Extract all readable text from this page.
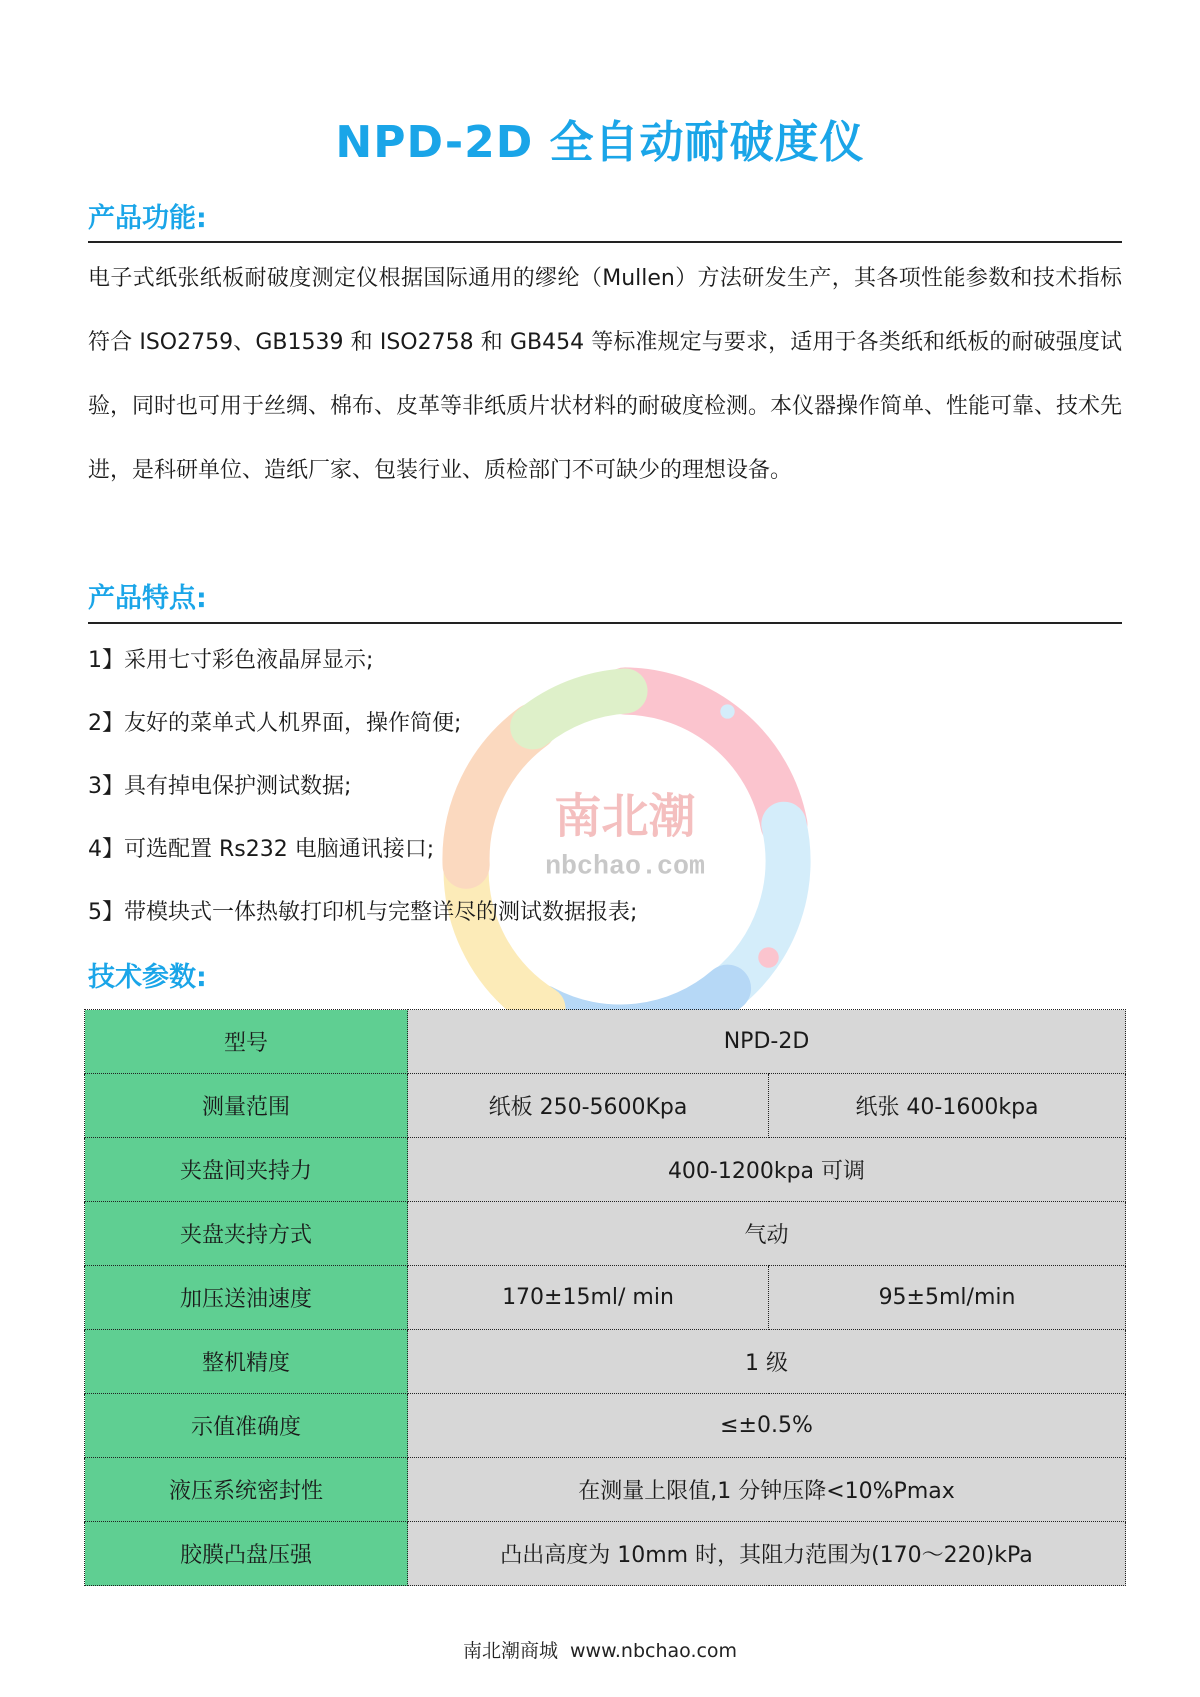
南北潮
nbchao.com
NPD-2D 全自动耐破度仪
产品功能:

电子式纸张纸板耐破度测定仪根据国际通用的缪纶（Mullen）方法研发生产，其各项性能参数和技术指标符合 ISO2759、GB1539 和 ISO2758 和 GB454 等标准规定与要求，适用于各类纸和纸板的耐破强度试验，同时也可用于丝绸、棉布、皮革等非纸质片状材料的耐破度检测。本仪器操作简单、性能可靠、技术先进，是科研单位、造纸厂家、包装行业、质检部门不可缺少的理想设备。

产品特点:
1】采用七寸彩色液晶屏显示;
2】友好的菜单式人机界面，操作简便;
3】具有掉电保护测试数据;
4】可选配置 Rs232 电脑通讯接口;
5】带模块式一体热敏打印机与完整详尽的测试数据报表;
技术参数:
型号	NPD-2D	
测量范围	纸板 250-5600Kpa	纸张 40-1600kpa
夹盘间夹持力	400-1200kpa 可调	
夹盘夹持方式	气动	
加压送油速度	170±15ml/ min	95±5ml/min
整机精度	1 级	
示值准确度	≤±0.5%	
液压系统密封性	在测量上限值,1 分钟压降<10%Pmax	
胶膜凸盘压强	凸出高度为 10mm 时，其阻力范围为(170～220)kPa	
南北潮商城 www.nbchao.com
